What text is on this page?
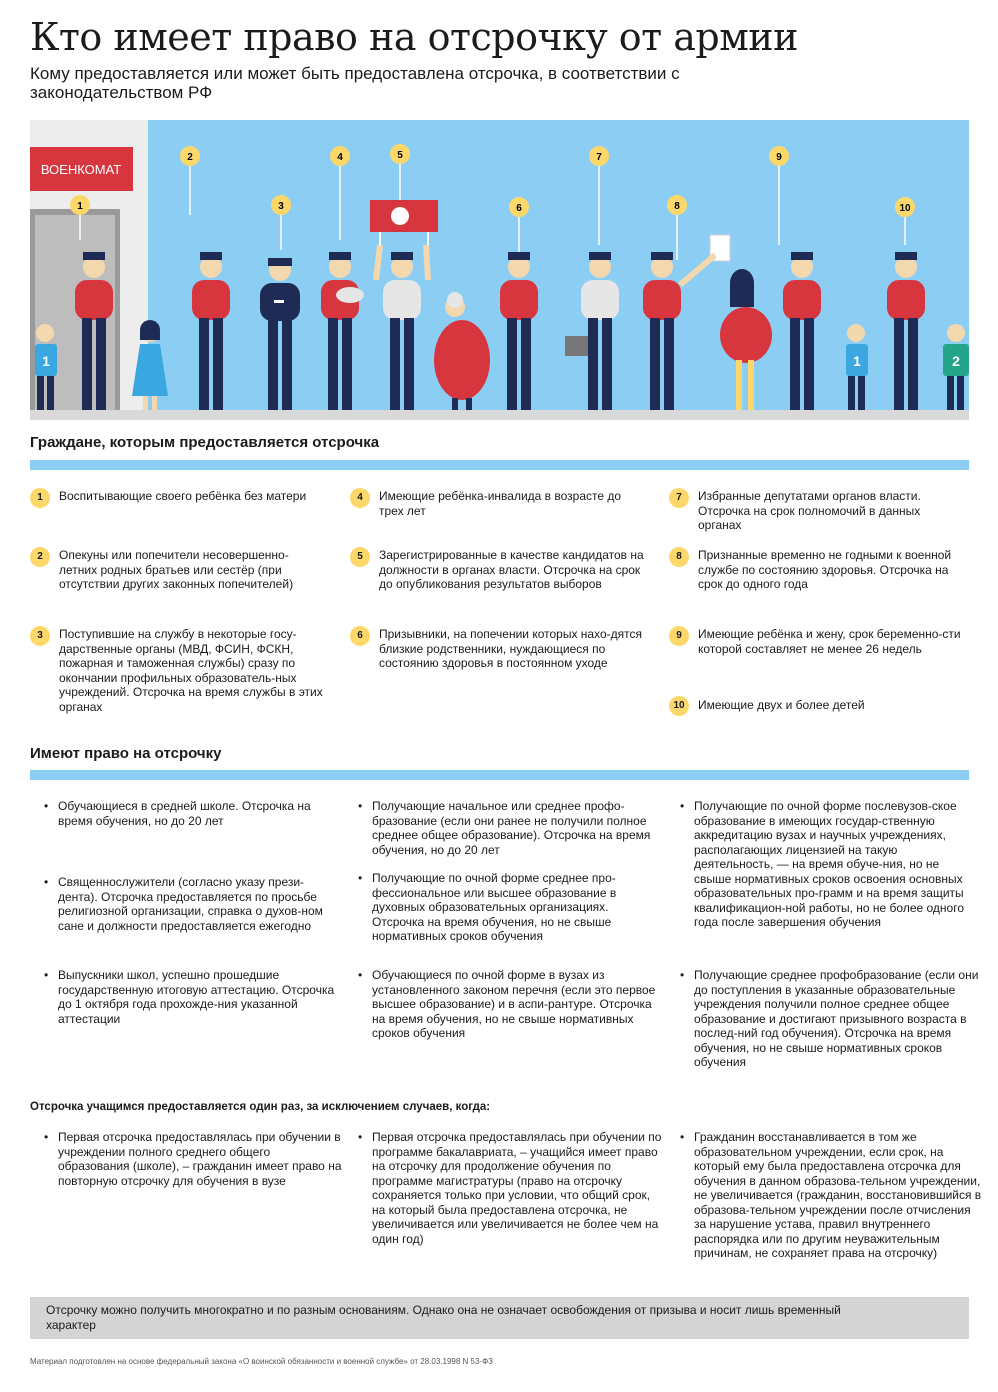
Кто имеет право на отсрочку от армии
Кому предоставляется или может быть предоставлена отсрочка, в соответствии с законодательством РФ
ВОЕНКОМАТ
1	1	2
1
2
3
4	5
6
7
8
9
10
Граждане, которым предоставляется отсрочка
1	Воспитывающие своего ребёнка без матери
2	Опекуны или попечители несовершенно-летних родных братьев или сестёр (при отсутствии других законных попечителей)
3	Поступившие на службу в некоторые госу-дарственные органы (МВД, ФСИН, ФСКН, пожарная и таможенная службы) сразу по окончании профильных образователь-ных учреждений. Отсрочка на время службы в этих органах
4	Имеющие ребёнка-инвалида в возрасте до трех лет
5	Зарегистрированные в качестве кандидатов на должности в органах власти. Отсрочка на срок до опубликования результатов выборов
6	Призывники, на попечении которых нахо-дятся близкие родственники, нуждающиеся по состоянию здоровья в постоянном уходе
7	Избранные депутатами органов власти. Отсрочка на срок полномочий в данных органах
8	Признанные временно не годными к военной службе по состоянию здоровья. Отсрочка на срок до одного года
9	Имеющие ребёнка и жену, срок беременно-сти которой составляет не менее 26 недель
10	Имеющие двух и более детей
Имеют право на отсрочку
• Обучающиеся в средней школе. Отсрочка на время обучения, но до 20 лет
• Священнослужители (согласно указу прези-дента). Отсрочка предоставляется по просьбе религиозной организации, справка о духов-ном сане и должности предоставляется ежегодно
• Выпускники школ, успешно прошедшие государственную итоговую аттестацию. Отсрочка до 1 октября года прохожде-ния указанной аттестации
• Получающие начальное или среднее профо-бразование (если они ранее не получили полное среднее общее образование). Отсрочка на время обучения, но до 20 лет
• Получающие по очной форме среднее про-фессиональное или высшее образование в духовных образовательных организациях. Отсрочка на время обучения, но не свыше нормативных сроков обучения
• Обучающиеся по очной форме в вузах из установленного законом перечня (если это первое высшее образование) и в аспи-рантуре. Отсрочка на время обучения, но не свыше нормативных сроков обучения
• Получающие по очной форме послевузов-ское образование в имеющих государ-ственную аккредитацию вузах и научных учреждениях, располагающих лицензией на такую деятельность, — на время обуче-ния, но не свыше нормативных сроков освоения основных образовательных про-грамм и на время защиты квалификацион-ной работы, но не более одного года после завершения обучения
• Получающие среднее профобразование (если они до поступления в указанные образовательные учреждения получили полное среднее общее образование и достигают призывного возраста в послед-ний год обучения). Отсрочка на время обучения, но не свыше нормативных сроков обучения
Отсрочка учащимся предоставляется один раз, за исключением случаев, когда:
• Первая отсрочка предоставлялась при обучении в учреждении полного среднего общего образования (школе), – гражданин имеет право на повторную отсрочку для обучения в вузе
• Первая отсрочка предоставлялась при обучении по программе бакалавриата, – учащийся имеет право на отсрочку для продолжение обучения по программе магистратуры (право на отсрочку сохраняется только при условии, что общий срок, на который была предоставлена отсрочка, не увеличивается или увеличивается не более чем на один год)
• Гражданин восстанавливается в том же образовательном учреждении, если срок, на который ему была предоставлена отсрочка для обучения в данном образова-тельном учреждении, не увеличивается (гражданин, восстановившийся в образова-тельном учреждении после отчисления за нарушение устава, правил внутреннего распорядка или по другим неуважительным причинам, не сохраняет права на отсрочку)
Отсрочку можно получить многократно и по разным основаниям. Однако она не означает освобождения от призыва и носит лишь временный характер
Материал подготовлен на основе федеральный закона «О воинской обязанности и военной службе» от 28.03.1998 N 53-ФЗ
